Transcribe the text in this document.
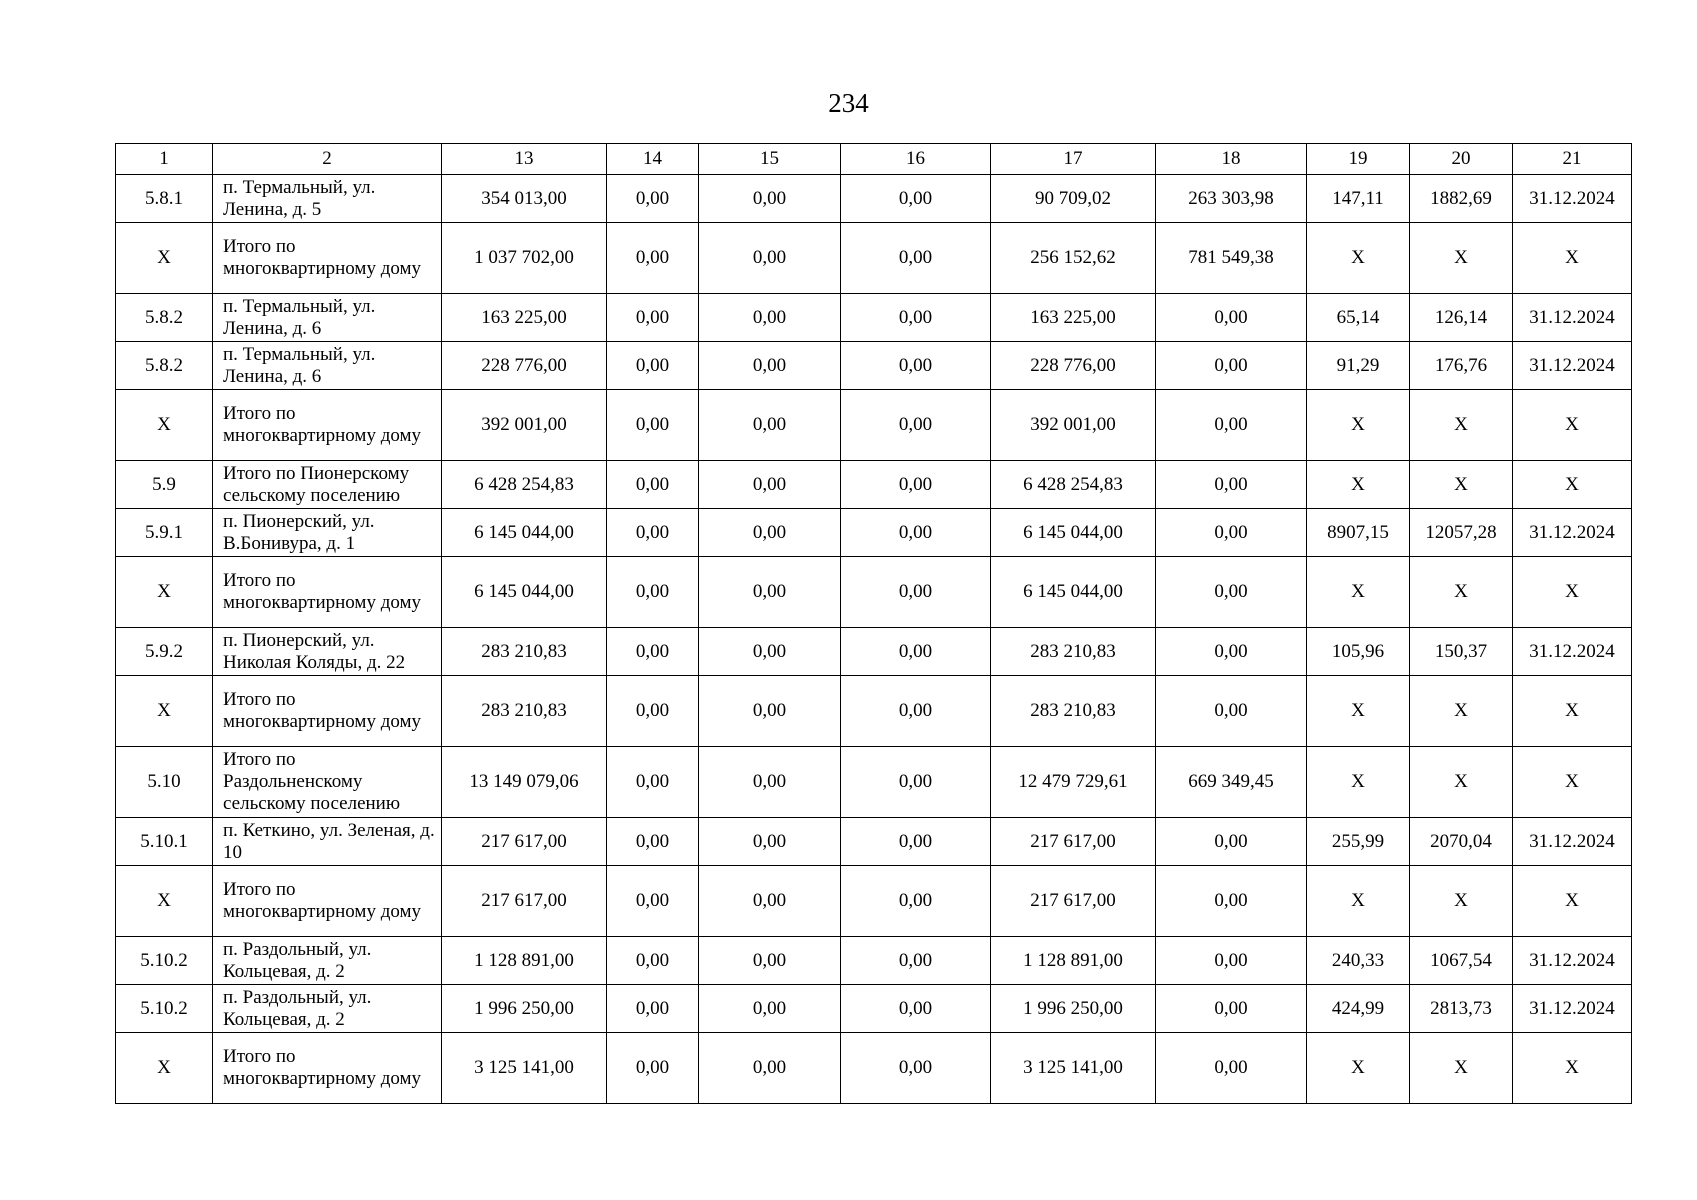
234
1	2	13	14	15	16	17	18	19	20	21
5.8.1	п. Термальный, ул. Ленина, д. 5	354 013,00	0,00	0,00	0,00	90 709,02	263 303,98	147,11	1882,69	31.12.2024
X	Итого по многоквартирному дому	1 037 702,00	0,00	0,00	0,00	256 152,62	781 549,38	X	X	X
5.8.2	п. Термальный, ул. Ленина, д. 6	163 225,00	0,00	0,00	0,00	163 225,00	0,00	65,14	126,14	31.12.2024
5.8.2	п. Термальный, ул. Ленина, д. 6	228 776,00	0,00	0,00	0,00	228 776,00	0,00	91,29	176,76	31.12.2024
X	Итого по многоквартирному дому	392 001,00	0,00	0,00	0,00	392 001,00	0,00	X	X	X
5.9	Итого по Пионерскому сельскому поселению	6 428 254,83	0,00	0,00	0,00	6 428 254,83	0,00	X	X	X
5.9.1	п. Пионерский, ул. В.Бонивура, д. 1	6 145 044,00	0,00	0,00	0,00	6 145 044,00	0,00	8907,15	12057,28	31.12.2024
X	Итого по многоквартирному дому	6 145 044,00	0,00	0,00	0,00	6 145 044,00	0,00	X	X	X
5.9.2	п. Пионерский, ул. Николая Коляды, д. 22	283 210,83	0,00	0,00	0,00	283 210,83	0,00	105,96	150,37	31.12.2024
X	Итого по многоквартирному дому	283 210,83	0,00	0,00	0,00	283 210,83	0,00	X	X	X
5.10	Итого по Раздольненскому сельскому поселению	13 149 079,06	0,00	0,00	0,00	12 479 729,61	669 349,45	X	X	X
5.10.1	п. Кеткино, ул. Зеленая, д. 10	217 617,00	0,00	0,00	0,00	217 617,00	0,00	255,99	2070,04	31.12.2024
X	Итого по многоквартирному дому	217 617,00	0,00	0,00	0,00	217 617,00	0,00	X	X	X
5.10.2	п. Раздольный, ул. Кольцевая, д. 2	1 128 891,00	0,00	0,00	0,00	1 128 891,00	0,00	240,33	1067,54	31.12.2024
5.10.2	п. Раздольный, ул. Кольцевая, д. 2	1 996 250,00	0,00	0,00	0,00	1 996 250,00	0,00	424,99	2813,73	31.12.2024
X	Итого по многоквартирному дому	3 125 141,00	0,00	0,00	0,00	3 125 141,00	0,00	X	X	X
